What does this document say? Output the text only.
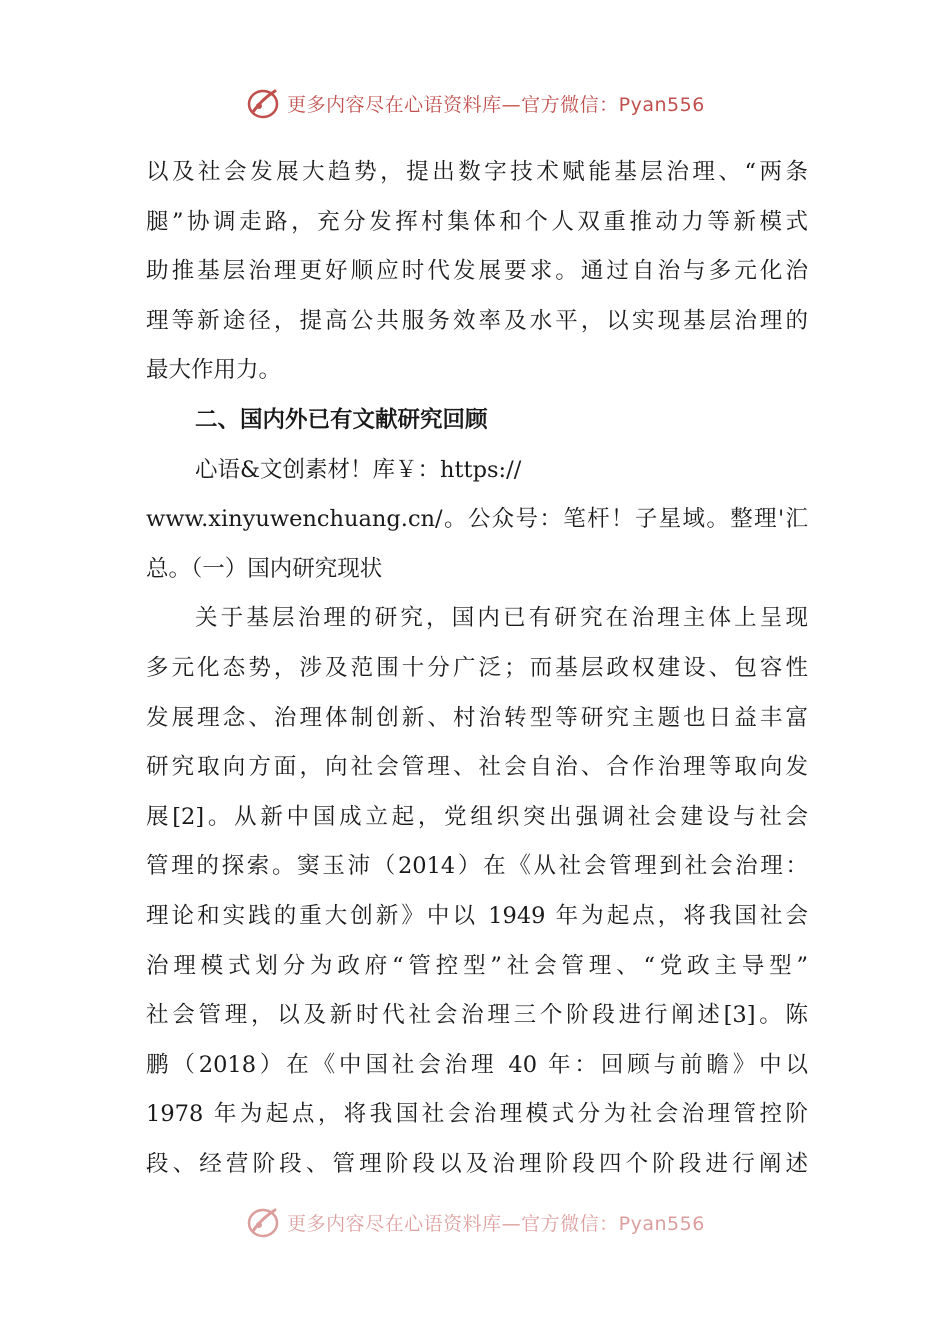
更多内容尽在心语资料库—官方微信：Pyan556
以及社会发展大趋势，提出数字技术赋能基层治理、“两条
腿”协调走路，充分发挥村集体和个人双重推动力等新模式
助推基层治理更好顺应时代发展要求。通过自治与多元化治
理等新途径，提高公共服务效率及水平，以实现基层治理的
最大作用力。
二、国内外已有文献研究回顾
心语&文创素材！库￥：https://
www.xinyuwenchuang.cn/。公众号：笔杆！子星域。整理'汇
总。（一）国内研究现状
关于基层治理的研究，国内已有研究在治理主体上呈现
多元化态势，涉及范围十分广泛；而基层政权建设、包容性
发展理念、治理体制创新、村治转型等研究主题也日益丰富
研究取向方面，向社会管理、社会自治、合作治理等取向发
展[2]。从新中国成立起，党组织突出强调社会建设与社会
管理的探索。窦玉沛（2014）在《从社会管理到社会治理：
理论和实践的重大创新》中以 1949 年为起点，将我国社会
治理模式划分为政府“管控型”社会管理、“党政主导型”
社会管理，以及新时代社会治理三个阶段进行阐述[3]。陈
鹏（2018）在《中国社会治理 40 年：回顾与前瞻》中以
1978 年为起点，将我国社会治理模式分为社会治理管控阶
段、经营阶段、管理阶段以及治理阶段四个阶段进行阐述
更多内容尽在心语资料库—官方微信：Pyan556
